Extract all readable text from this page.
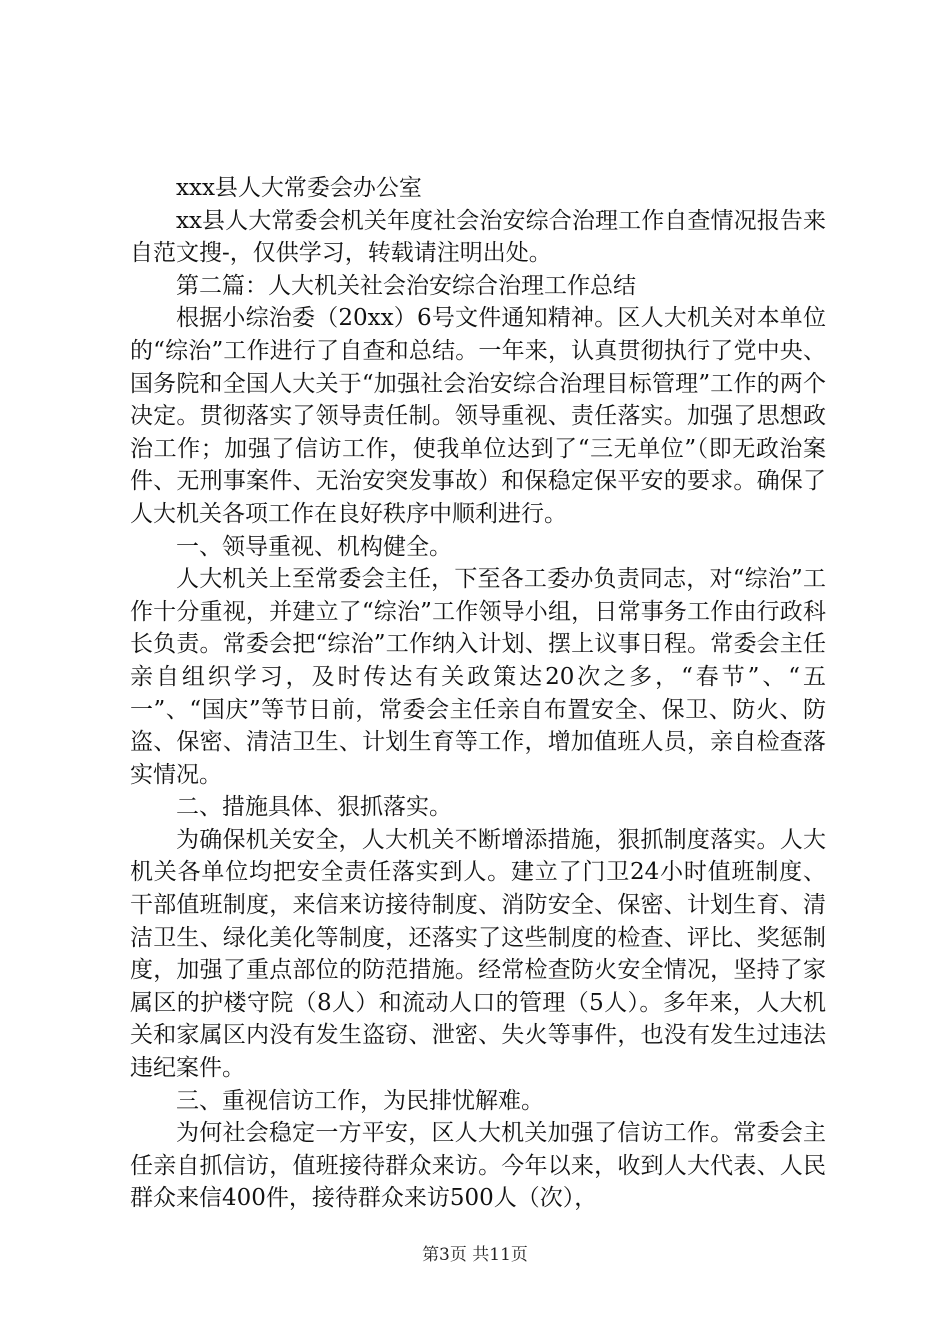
xxx县人大常委会办公室

xx县人大常委会机关年度社会治安综合治理工作自查情况报告来自范文搜-，仅供学习，转载请注明出处。

第二篇：人大机关社会治安综合治理工作总结

根据小综治委（20xx）6号文件通知精神。区人大机关对本单位的“综治”工作进行了自查和总结。一年来，认真贯彻执行了党中央、国务院和全国人大关于“加强社会治安综合治理目标管理”工作的两个决定。贯彻落实了领导责任制。领导重视、责任落实。加强了思想政治工作；加强了信访工作，使我单位达到了“三无单位”（即无政治案件、无刑事案件、无治安突发事故）和保稳定保平安的要求。确保了人大机关各项工作在良好秩序中顺利进行。

一、领导重视、机构健全。

人大机关上至常委会主任，下至各工委办负责同志，对“综治”工作十分重视，并建立了“综治”工作领导小组，日常事务工作由行政科长负责。常委会把“综治”工作纳入计划、摆上议事日程。常委会主任亲自组织学习，及时传达有关政策达20次之多，“春节”、“五一”、“国庆”等节日前，常委会主任亲自布置安全、保卫、防火、防盗、保密、清洁卫生、计划生育等工作，增加值班人员，亲自检查落实情况。

二、措施具体、狠抓落实。

为确保机关安全，人大机关不断增添措施，狠抓制度落实。人大机关各单位均把安全责任落实到人。建立了门卫24小时值班制度、干部值班制度，来信来访接待制度、消防安全、保密、计划生育、清洁卫生、绿化美化等制度，还落实了这些制度的检查、评比、奖惩制度，加强了重点部位的防范措施。经常检查防火安全情况，坚持了家属区的护楼守院（8人）和流动人口的管理（5人）。多年来，人大机关和家属区内没有发生盗窃、泄密、失火等事件，也没有发生过违法违纪案件。

三、重视信访工作，为民排忧解难。

为何社会稳定一方平安，区人大机关加强了信访工作。常委会主任亲自抓信访，值班接待群众来访。今年以来，收到人大代表、人民群众来信400件，接待群众来访500人（次），

第3页 共11页
